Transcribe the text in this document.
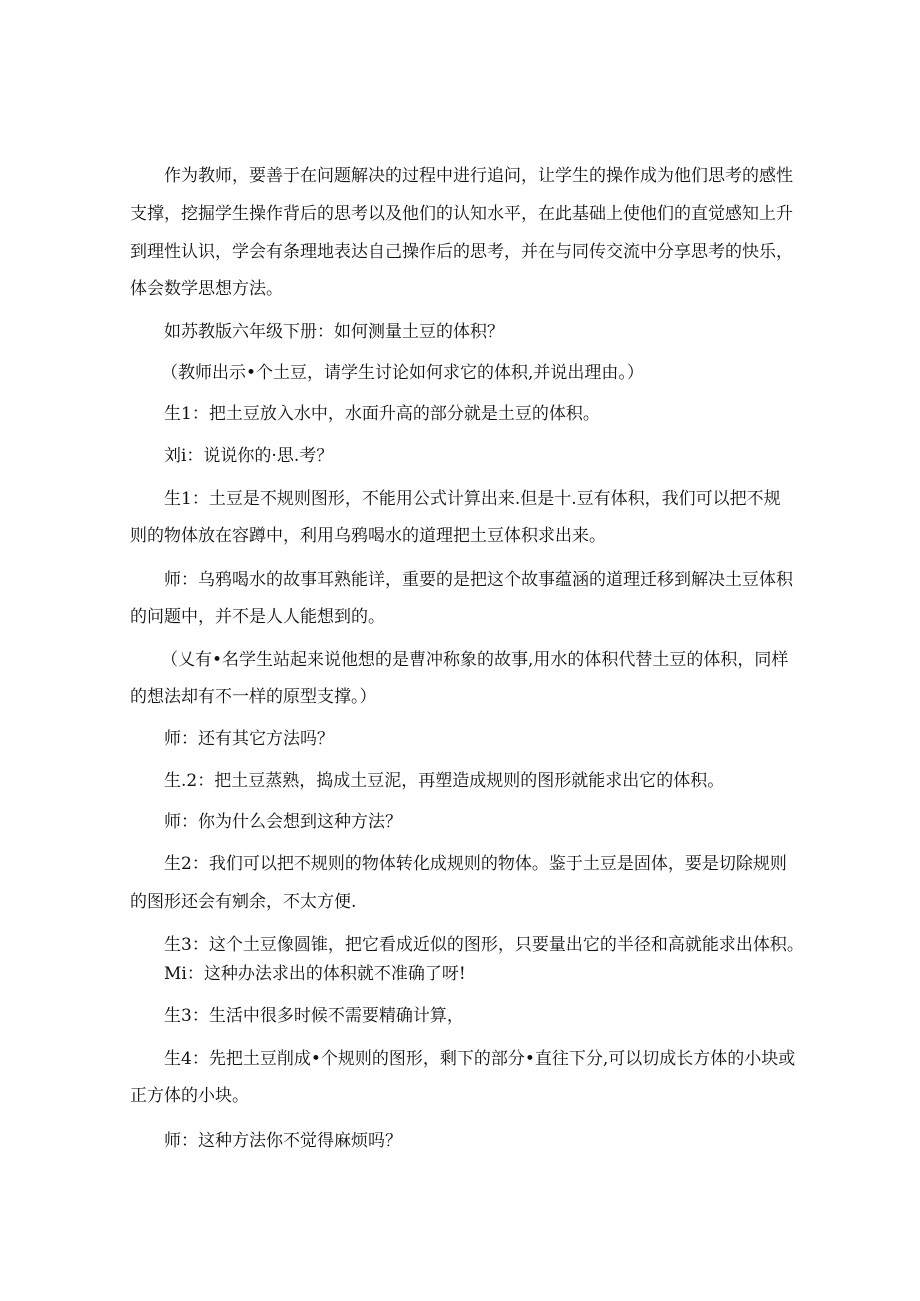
作为教师，要善于在问题解决的过程中进行追问，让学生的操作成为他们思考的感性
支撑，挖掘学生操作背后的思考以及他们的认知水平，在此基础上使他们的直觉感知上升
到理性认识，学会有条理地表达自己操作后的思考，并在与同传交流中分享思考的快乐，
体会数学思想方法。
如苏教版六年级下册：如何测量土豆的体积？
（教师出示•个土豆，请学生讨论如何求它的体积,并说出理由。）
生1：把土豆放入水中，水面升高的部分就是土豆的体积。
刘i：说说你的·思.考？
生1：土豆是不规则图形，不能用公式计算出来.但是十.豆有体积，我们可以把不规
则的物体放在容蹲中，利用乌鸦喝水的道理把土豆体积求出来。
师：乌鸦喝水的故事耳熟能详，重要的是把这个故事蕴涵的道理迁移到解决土豆体积
的问题中，并不是人人能想到的。
（乂有•名学生站起来说他想的是曹冲称象的故事,用水的体积代替土豆的体积，同样
的想法却有不一样的原型支撑。）
师：还有其它方法吗？
生.2：把土豆蒸熟，捣成土豆泥，再塑造成规则的图形就能求出它的体积。
师：你为什么会想到这种方法？
生2：我们可以把不规则的物体转化成规则的物体。鉴于土豆是固体，要是切除规则
的图形还会有剜余，不太方便.
生3：这个土豆像圆锥，把它看成近似的图形，只要量出它的半径和高就能求出体积。
Mi：这种办法求出的体积就不准确了呀!
生3：生活中很多时候不需要精确计算，
生4：先把土豆削成•个规则的图形，剩下的部分•直往下分,可以切成长方体的小块或
正方体的小块。
师：这种方法你不觉得麻烦吗？
